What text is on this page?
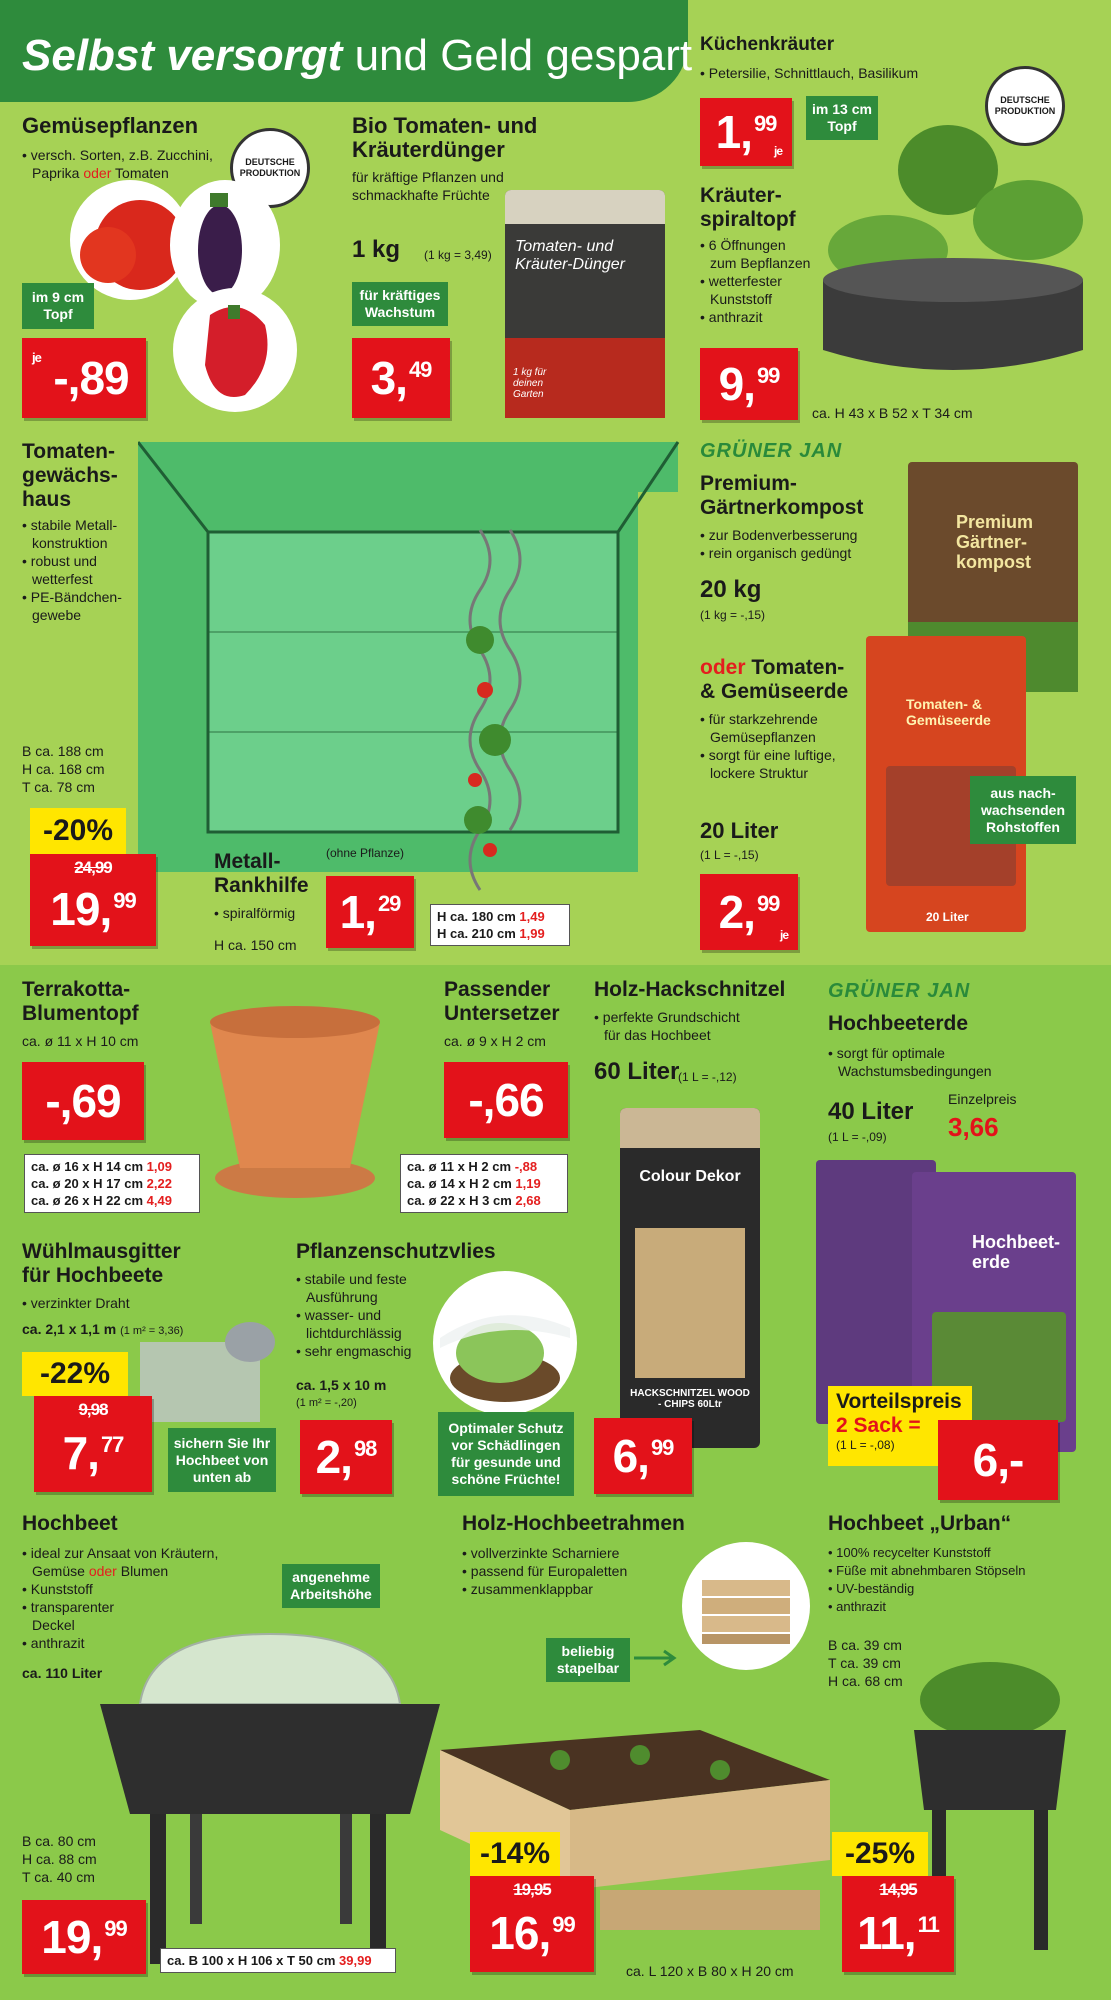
Selbst versorgt und Geld gespart
Gemüsepflanzen
• versch. Sorten, z.B. Zucchini,
Paprika oder Tomaten
DEUTSCHE PRODUKTION
im 9 cm Topf
je -,89
Bio Tomaten- und
Kräuterdünger
für kräftige Pflanzen und
schmackhafte Früchte
1 kg (1 kg = 3,49)
für kräftiges Wachstum
3 ,$^{49}$
Tomaten- und Kräuter-Dünger
1 kg für deinen Garten
Küchenkräuter
• Petersilie, Schnittlauch, Basilikum
DEUTSCHE PRODUKTION
1 ,$^{99}$
je
im 13 cm Topf
Kräuter-
spiraltopf
• 6 Öffnungen
zum Bepflanzen
• wetterfester
Kunststoff
• anthrazit
9 ,$^{99}$
ca. H 43 x B 52 x T 34 cm
Tomaten-
gewächs-
haus
• stabile Metall-
konstruktion
• robust und
wetterfest
• PE-Bändchen-
gewebe
B ca. 188 cm
H ca. 168 cm
T ca. 78 cm
-20%
24,99
19 ,$^{99}$
Metall-
Rankhilfe
(ohne Pflanze)
• spiralförmig
H ca. 150 cm
1 ,$^{29}$
H ca. 180 cm 1,49
H ca. 210 cm 1,99
GRÜNER JAN
Premium-
Gärtnerkompost
• zur Bodenverbesserung
• rein organisch gedüngt
20 kg
(1 kg = -,15)
Premium Gärtner-kompost
oder Tomaten-
& Gemüseerde
• für starkzehrende
Gemüsepflanzen
• sorgt für eine luftige,
lockere Struktur
20 Liter
(1 L = -,15)
2 ,$^{99}$
je
Tomaten- & Gemüseerde
20 Liter
aus nach- wachsenden Rohstoffen
Terrakotta-
Blumentopf
ca. ø 11 x H 10 cm
-,69
ca. ø 16 x H 14 cm 1,09
ca. ø 20 x H 17 cm 2,22
ca. ø 26 x H 22 cm 4,49
Passender
Untersetzer
ca. ø 9 x H 2 cm
-,66
ca. ø 11 x H 2 cm -,88
ca. ø 14 x H 2 cm 1,19
ca. ø 22 x H 3 cm 2,68
Holz-Hackschnitzel
• perfekte Grundschicht
für das Hochbeet
60 Liter
(1 L = -,12)
Colour Dekor
HACKSCHNITZEL WOOD - CHIPS 60Ltr
6 ,$^{99}$
GRÜNER JAN
Hochbeeterde
• sorgt für optimale
Wachstumsbedingungen
40 Liter
(1 L = -,09)
Einzelpreis
3,66
Hochbeet- erde
Vorteilspreis
2 Sack =
(1 L = -,08)	6,-
Wühlmausgitter
für Hochbeete
• verzinkter Draht
ca. 2,1 x 1,1 m (1 m² = 3,36)
-22%
9,98
7 ,$^{77}$	sichern Sie Ihr Hochbeet von unten ab
Pflanzenschutzvlies
• stabile und feste
Ausführung
• wasser- und
lichtdurchlässig
• sehr engmaschig
ca. 1,5 x 10 m
(1 m² = -,20)
2 ,$^{98}$
Optimaler Schutz vor Schädlingen für gesunde und schöne Früchte!
Hochbeet
• ideal zur Ansaat von Kräutern,
Gemüse oder Blumen
• Kunststoff
• transparenter
Deckel
• anthrazit
ca. 110 Liter
angenehme Arbeitshöhe
B ca. 80 cm
H ca. 88 cm
T ca. 40 cm
19 ,$^{99}$
ca. B 100 x H 106 x T 50 cm 39,99
Holz-Hochbeetrahmen
• vollverzinkte Scharniere
• passend für Europaletten
• zusammenklappbar
beliebig stapelbar
-14%
19,95
16 ,$^{99}$
ca. L 120 x B 80 x H 20 cm
Hochbeet „Urban“
• 100% recycelter Kunststoff
• Füße mit abnehmbaren Stöpseln
• UV-beständig
• anthrazit
B ca. 39 cm
T ca. 39 cm
H ca. 68 cm
-25%
14,95
11 ,$^{11}$
